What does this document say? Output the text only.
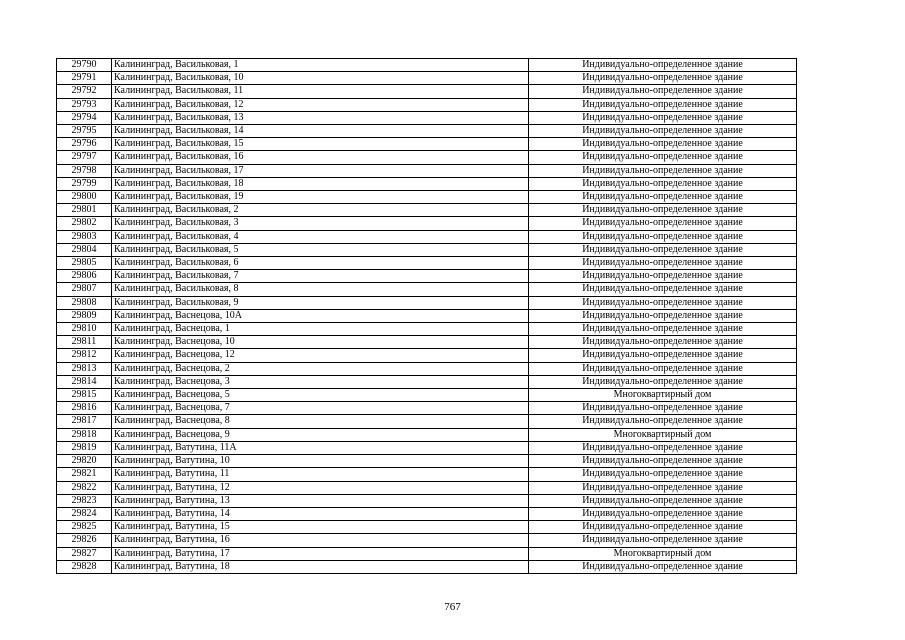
29790	Калининград, Васильковая, 1	Индивидуально-определенное здание
29791	Калининград, Васильковая, 10	Индивидуально-определенное здание
29792	Калининград, Васильковая, 11	Индивидуально-определенное здание
29793	Калининград, Васильковая, 12	Индивидуально-определенное здание
29794	Калининград, Васильковая, 13	Индивидуально-определенное здание
29795	Калининград, Васильковая, 14	Индивидуально-определенное здание
29796	Калининград, Васильковая, 15	Индивидуально-определенное здание
29797	Калининград, Васильковая, 16	Индивидуально-определенное здание
29798	Калининград, Васильковая, 17	Индивидуально-определенное здание
29799	Калининград, Васильковая, 18	Индивидуально-определенное здание
29800	Калининград, Васильковая, 19	Индивидуально-определенное здание
29801	Калининград, Васильковая, 2	Индивидуально-определенное здание
29802	Калининград, Васильковая, 3	Индивидуально-определенное здание
29803	Калининград, Васильковая, 4	Индивидуально-определенное здание
29804	Калининград, Васильковая, 5	Индивидуально-определенное здание
29805	Калининград, Васильковая, 6	Индивидуально-определенное здание
29806	Калининград, Васильковая, 7	Индивидуально-определенное здание
29807	Калининград, Васильковая, 8	Индивидуально-определенное здание
29808	Калининград, Васильковая, 9	Индивидуально-определенное здание
29809	Калининград, Васнецова, 10А	Индивидуально-определенное здание
29810	Калининград, Васнецова, 1	Индивидуально-определенное здание
29811	Калининград, Васнецова, 10	Индивидуально-определенное здание
29812	Калининград, Васнецова, 12	Индивидуально-определенное здание
29813	Калининград, Васнецова, 2	Индивидуально-определенное здание
29814	Калининград, Васнецова, 3	Индивидуально-определенное здание
29815	Калининград, Васнецова, 5	Многоквартирный дом
29816	Калининград, Васнецова, 7	Индивидуально-определенное здание
29817	Калининград, Васнецова, 8	Индивидуально-определенное здание
29818	Калининград, Васнецова, 9	Многоквартирный дом
29819	Калининград, Ватутина, 11А	Индивидуально-определенное здание
29820	Калининград, Ватутина, 10	Индивидуально-определенное здание
29821	Калининград, Ватутина, 11	Индивидуально-определенное здание
29822	Калининград, Ватутина, 12	Индивидуально-определенное здание
29823	Калининград, Ватутина, 13	Индивидуально-определенное здание
29824	Калининград, Ватутина, 14	Индивидуально-определенное здание
29825	Калининград, Ватутина, 15	Индивидуально-определенное здание
29826	Калининград, Ватутина, 16	Индивидуально-определенное здание
29827	Калининград, Ватутина, 17	Многоквартирный дом
29828	Калининград, Ватутина, 18	Индивидуально-определенное здание
767
